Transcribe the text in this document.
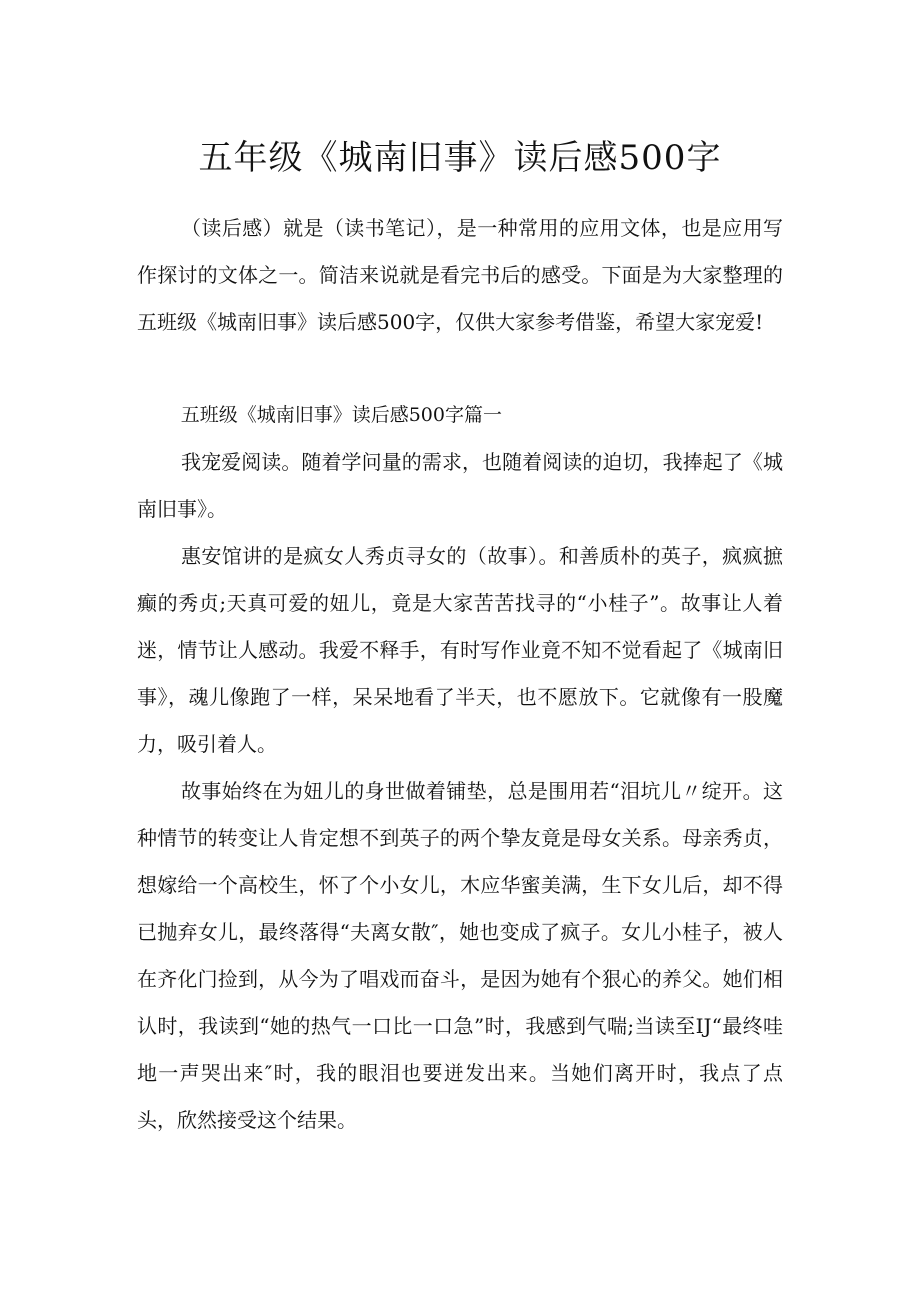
五年级《城南旧事》读后感500字

（读后感）就是（读书笔记），是一种常用的应用文体，也是应用写作探讨的文体之一。简洁来说就是看完书后的感受。下面是为大家整理的五班级《城南旧事》读后感500字，仅供大家参考借鉴，希望大家宠爱!

五班级《城南旧事》读后感500字篇一

我宠爱阅读。随着学问量的需求，也随着阅读的迫切，我捧起了《城南旧事》。

惠安馆讲的是疯女人秀贞寻女的（故事）。和善质朴的英子，疯疯摭癫的秀贞;天真可爱的妞儿，竟是大家苦苦找寻的“小桂子”。故事让人着迷，情节让人感动。我爱不释手，有时写作业竟不知不觉看起了《城南旧事》，魂儿像跑了一样，呆呆地看了半天，也不愿放下。它就像有一股魔力，吸引着人。

故事始终在为妞儿的身世做着铺垫，总是围用若“泪坑儿〃绽开。这种情节的转变让人肯定想不到英子的两个挚友竟是母女关系。母亲秀贞，想嫁给一个高校生，怀了个小女儿，木应华蜜美满，生下女儿后，却不得已抛弃女儿，最终落得“夫离女散″，她也变成了疯子。女儿小桂子，被人在齐化门捡到，从今为了唱戏而奋斗，是因为她有个狠心的养父。她们相认时，我读到“她的热气一口比一口急”时，我感到气喘;当读至IJ“最终哇地一声哭出来″时，我的眼泪也要迸发出来。当她们离开时，我点了点头，欣然接受这个结果。
